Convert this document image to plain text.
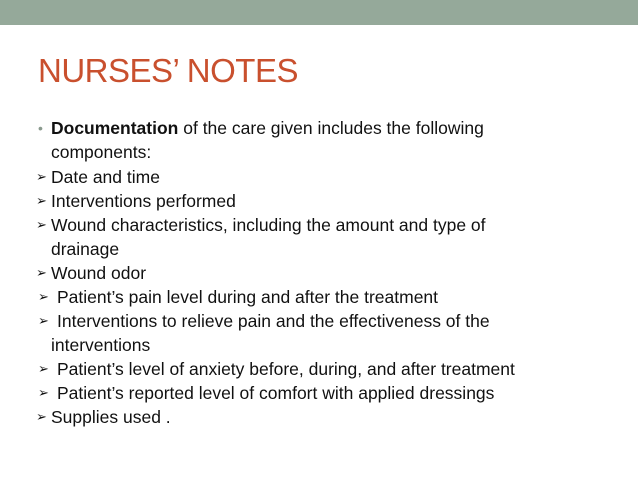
NURSES’ NOTES
• Documentation of the care given includes the following
components:
➢ Date and time
➢ Interventions performed
➢ Wound characteristics, including the amount and type of
drainage
➢ Wound odor
➢ Patient’s pain level during and after the treatment
➢ Interventions to relieve pain and the effectiveness of the
interventions
➢ Patient’s level of anxiety before, during, and after treatment
➢ Patient’s reported level of comfort with applied dressings
➢ Supplies used .
